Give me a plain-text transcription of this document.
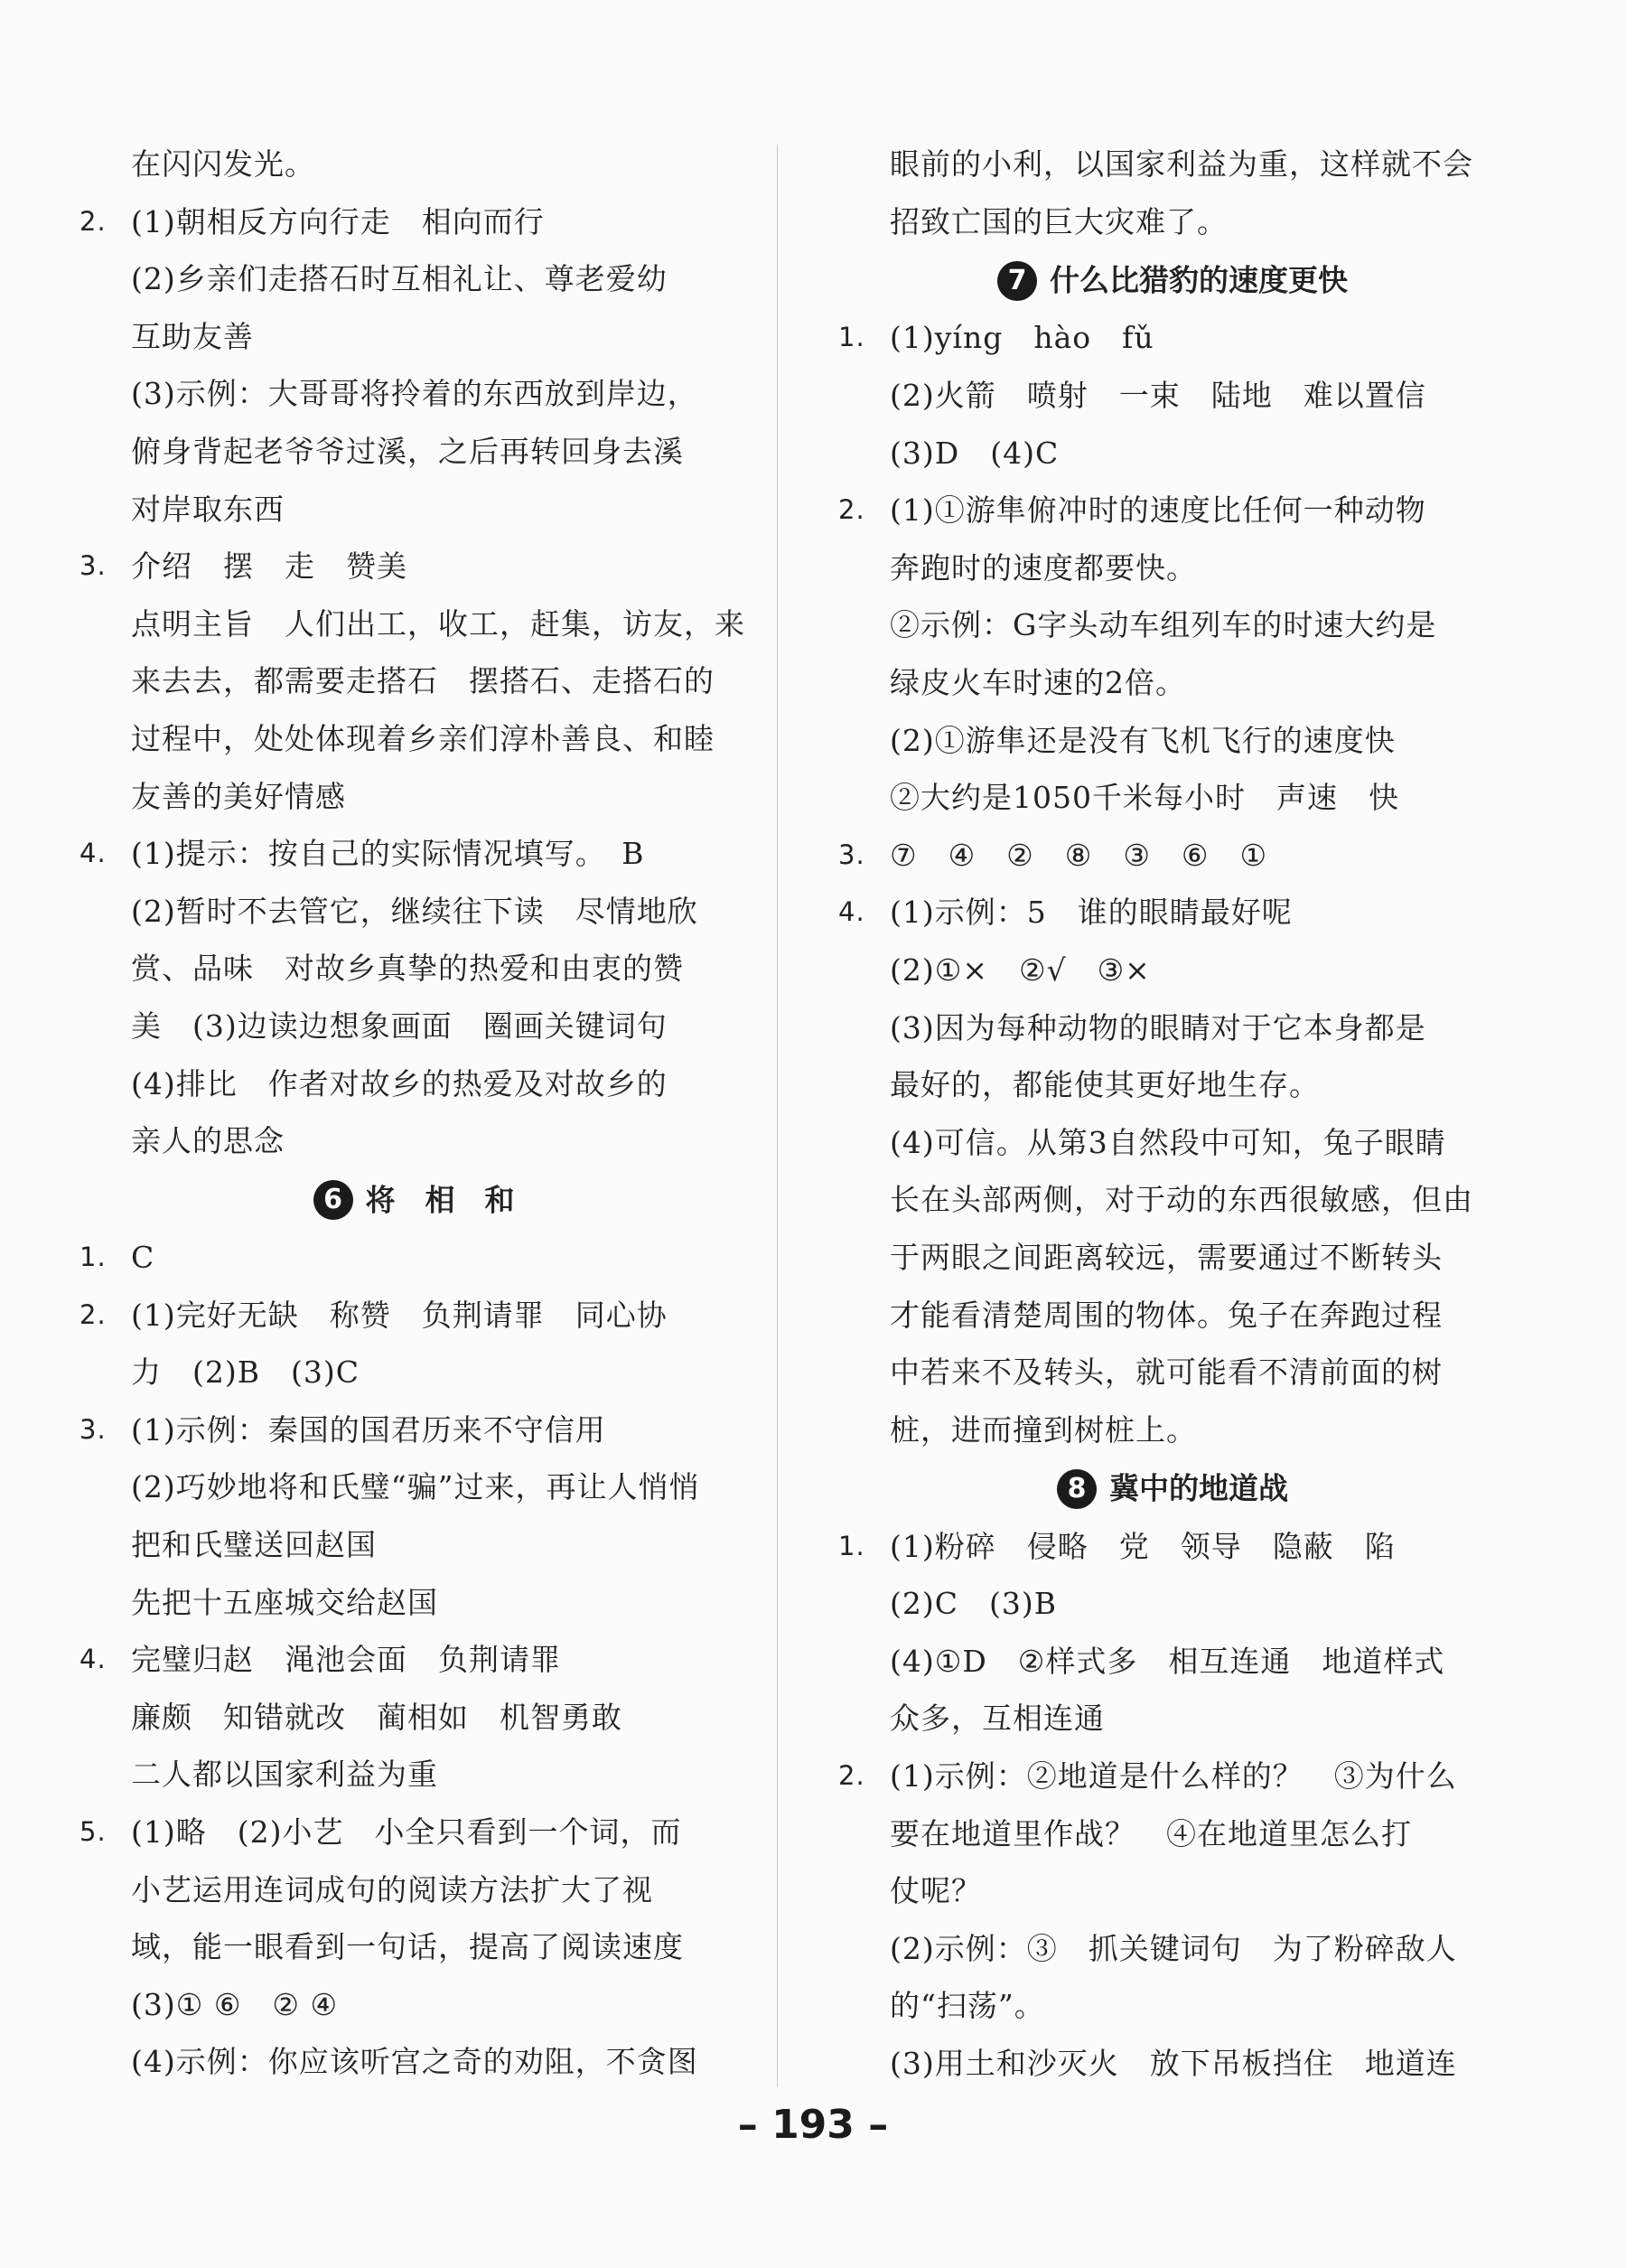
在闪闪发光。
2. (1)朝相反方向行走　相向而行
(2)乡亲们走搭石时互相礼让、尊老爱幼
互助友善
(3)示例：大哥哥将拎着的东西放到岸边，
俯身背起老爷爷过溪，之后再转回身去溪
对岸取东西
3. 介绍　摆　走　赞美
点明主旨　人们出工，收工，赶集，访友，来
来去去，都需要走搭石　摆搭石、走搭石的
过程中，处处体现着乡亲们淳朴善良、和睦
友善的美好情感
4. (1)提示：按自己的实际情况填写。　B
(2)暂时不去管它，继续往下读　尽情地欣
赏、品味　对故乡真挚的热爱和由衷的赞
美　(3)边读边想象画面　圈画关键词句
(4)排比　作者对故乡的热爱及对故乡的
亲人的思念
6 将　相　和
1. C
2. (1)完好无缺　称赞　负荆请罪　同心协
力　(2)B　(3)C
3. (1)示例：秦国的国君历来不守信用
(2)巧妙地将和氏璧“骗”过来，再让人悄悄
把和氏璧送回赵国
先把十五座城交给赵国
4. 完璧归赵　渑池会面　负荆请罪
廉颇　知错就改　蔺相如　机智勇敢
二人都以国家利益为重
5. (1)略　(2)小艺　小全只看到一个词，而
小艺运用连词成句的阅读方法扩大了视
域，能一眼看到一句话，提高了阅读速度
(3)① ⑥　② ④
(4)示例：你应该听宫之奇的劝阻，不贪图
眼前的小利，以国家利益为重，这样就不会
招致亡国的巨大灾难了。
7 什么比猎豹的速度更快
1. (1)yíng　hào　fǔ
(2)火箭　喷射　一束　陆地　难以置信
(3)D　(4)C
2. (1)①游隼俯冲时的速度比任何一种动物
奔跑时的速度都要快。
②示例：G字头动车组列车的时速大约是
绿皮火车时速的2倍。
(2)①游隼还是没有飞机飞行的速度快
②大约是1050千米每小时　声速　快
3. ⑦　④　②　⑧　③　⑥　①
4. (1)示例：5　谁的眼睛最好呢
(2)①×　②√　③×
(3)因为每种动物的眼睛对于它本身都是
最好的，都能使其更好地生存。
(4)可信。从第3自然段中可知，兔子眼睛
长在头部两侧，对于动的东西很敏感，但由
于两眼之间距离较远，需要通过不断转头
才能看清楚周围的物体。兔子在奔跑过程
中若来不及转头，就可能看不清前面的树
桩，进而撞到树桩上。
8 冀中的地道战
1. (1)粉碎　侵略　党　领导　隐蔽　陷
(2)C　(3)B
(4)①D　②样式多　相互连通　地道样式
众多，互相连通
2. (1)示例：②地道是什么样的？　③为什么
要在地道里作战？　④在地道里怎么打
仗呢？
(2)示例：③　抓关键词句　为了粉碎敌人
的“扫荡”。
(3)用土和沙灭火　放下吊板挡住　地道连
– 193 –
